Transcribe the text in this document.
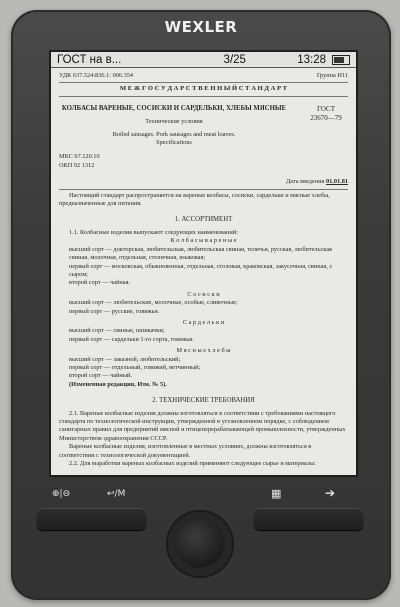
WEXLER
ГОСТ на в...	3/25	13:28
УДК 637.524:836.1: 006.354	Группа Н11
М Е Ж Г О С У Д А Р С Т В Е Н Н Ы Й С Т А Н Д А Р Т
КОЛБАСЫ ВАРЕНЫЕ, СОСИСКИ И САРДЕЛЬКИ, ХЛЕБЫ МЯСНЫЕ
Технические условия
Boiled sausages. Pork sausages and meat loaves.
Specifications
МКС 67.120.10
ОКП 92 1312
ГОСТ
23670—79
Дата введения 01.01.81

Настоящий стандарт распространяется на вареные колбасы, сосиски, сардельки и мясные хлебы, предназначенные для питания.

1. АССОРТИМЕНТ

1.1. Колбасные изделия выпускают следующих наименований:

К о л б а с ы в а р е н ы е

высший сорт — докторская, любительская, любительская свиная, телячья, русская, любительская свиная, молочная, отдельная, столичная, языковая;

первый сорт — московская, обыкновенная, отдельная, столовая, краковская, закусочная, свиная, с сыром;

второй сорт — чайная.

С о с и с к и

высший сорт — любительские, молочные, особые, сливочные;

первый сорт — русские, говяжьи.

С а р д е л ь к и

высший сорт — свиные, шпикачки;

первый сорт — сардельки 1-го сорта, говяжьи.

М я с н ы е х л е б ы

высший сорт — заказной, любительский;

первый сорт — отдельный, говяжий, ветчинный;

второй сорт — чайный.

(Измененная редакция, Изм. № 5).

2. ТЕХНИЧЕСКИЕ ТРЕБОВАНИЯ

2.1. Вареные колбасные изделия должны изготовляться в соответствии с требованиями настоящего стандарта по технологической инструкции, утвержденной в установленном порядке, с соблюдением санитарных правил для предприятий мясной и птицеперерабатывающей промышленности, утвержденных Министерством здравоохранения СССР.

Вареные колбасные изделия, изготовленные в местных условиях, должны изготовляться в соответствии с технологической документацией.

2.2. Для выработки вареных колбасных изделий применяют следующее сырье и материалы:

⊕|⊖	↩/M	▦	➔
